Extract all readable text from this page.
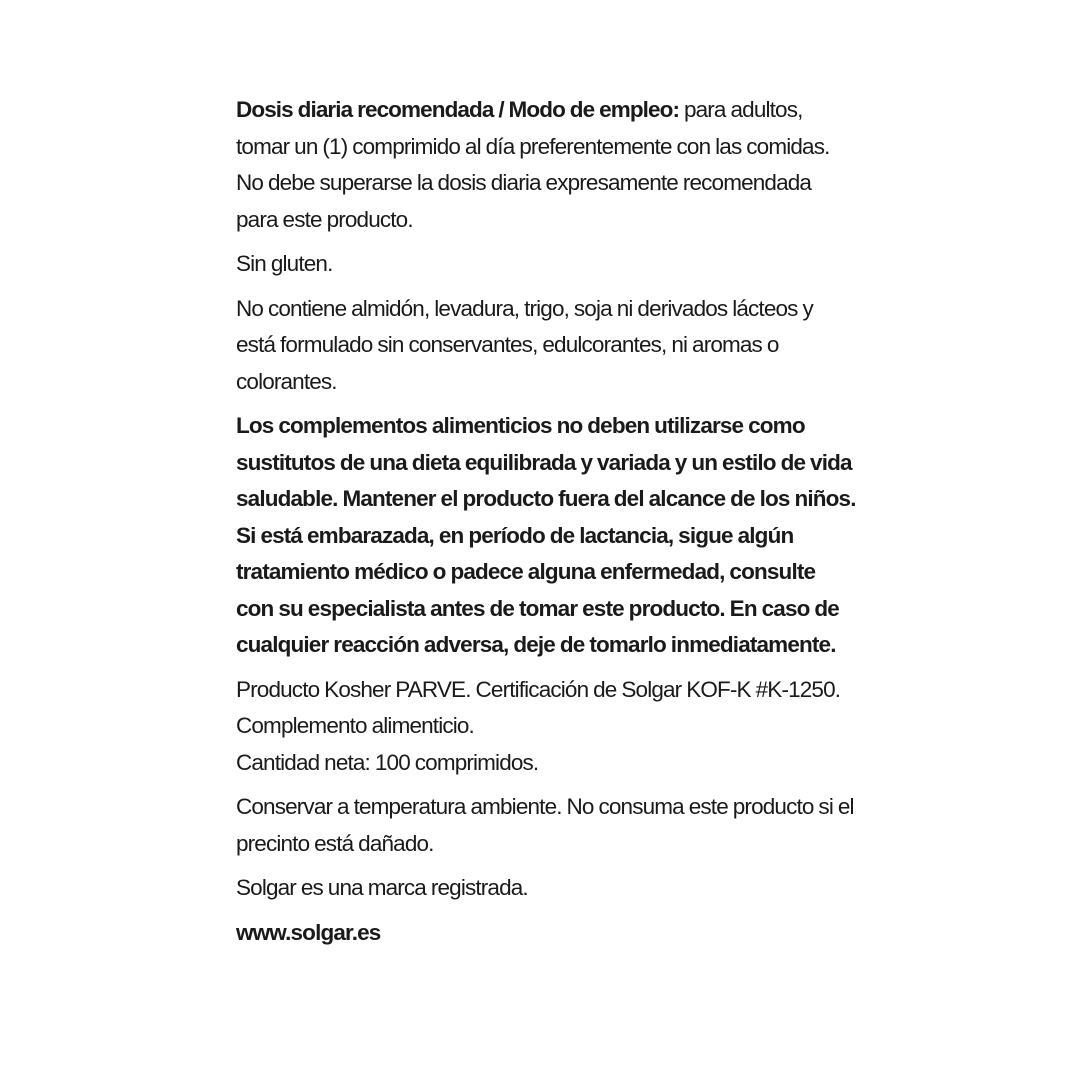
Dosis diaria recomendada / Modo de empleo: para adultos, tomar un (1) comprimido al día preferentemente con las comidas. No debe superarse la dosis diaria expresamente recomendada para este producto.

Sin gluten.

No contiene almidón, levadura, trigo, soja ni derivados lácteos y está formulado sin conservantes, edulcorantes, ni aromas o colorantes.

Los complementos alimenticios no deben utilizarse como sustitutos de una dieta equilibrada y variada y un estilo de vida saludable. Mantener el producto fuera del alcance de los niños. Si está embarazada, en período de lactancia, sigue algún tratamiento médico o padece alguna enfermedad, consulte con su especialista antes de tomar este producto. En caso de cualquier reacción adversa, deje de tomarlo inmediatamente.

Producto Kosher PARVE. Certificación de Solgar KOF-K #K-1250.

Complemento alimenticio.

Cantidad neta: 100 comprimidos.

Conservar a temperatura ambiente. No consuma este producto si el precinto está dañado.

Solgar es una marca registrada.

www.solgar.es
